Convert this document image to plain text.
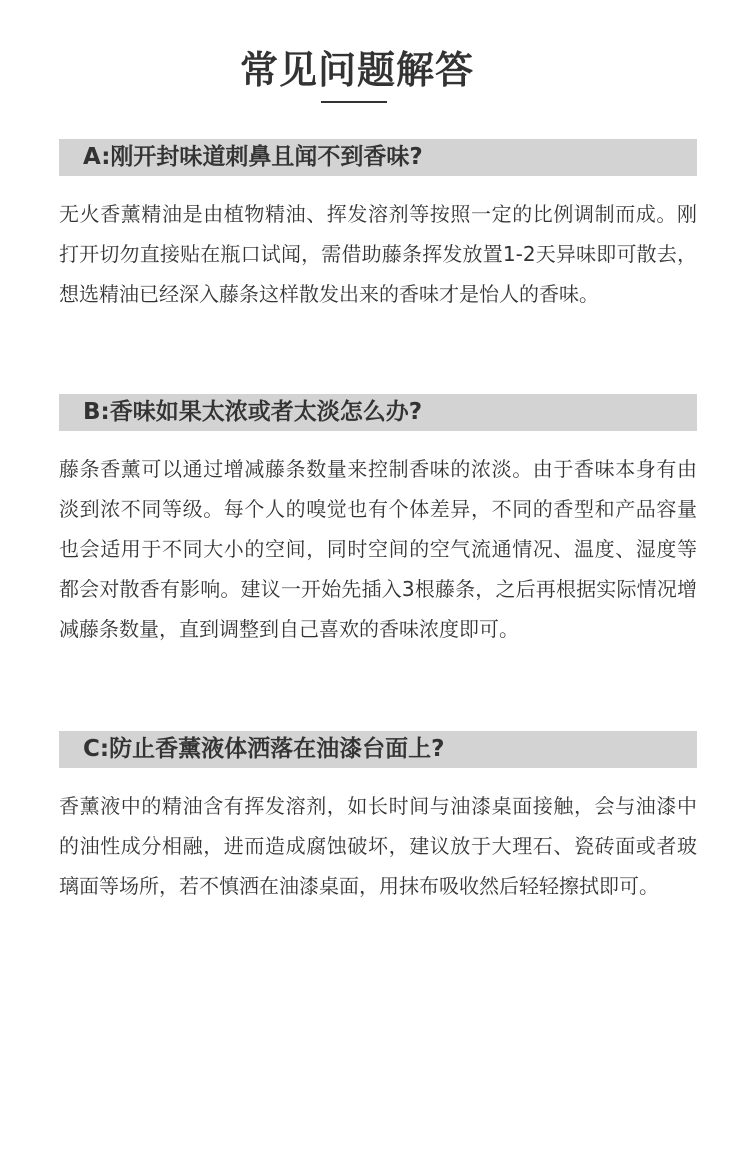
常见问题解答
A:刚开封味道刺鼻且闻不到香味?

无火香薰精油是由植物精油、挥发溶剂等按照一定的比例调制而成。刚打开切勿直接贴在瓶口试闻，需借助藤条挥发放置1-2天异味即可散去，想选精油已经深入藤条这样散发出来的香味才是怡人的香味。

B:香味如果太浓或者太淡怎么办?

藤条香薰可以通过增减藤条数量来控制香味的浓淡。由于香味本身有由淡到浓不同等级。每个人的嗅觉也有个体差异，不同的香型和产品容量也会适用于不同大小的空间，同时空间的空气流通情况、温度、湿度等都会对散香有影响。建议一开始先插入3根藤条，之后再根据实际情况增减藤条数量，直到调整到自己喜欢的香味浓度即可。

C:防止香薰液体洒落在油漆台面上?

香薰液中的精油含有挥发溶剂，如长时间与油漆桌面接触，会与油漆中的油性成分相融，进而造成腐蚀破坏，建议放于大理石、瓷砖面或者玻璃面等场所，若不慎洒在油漆桌面，用抹布吸收然后轻轻擦拭即可。
